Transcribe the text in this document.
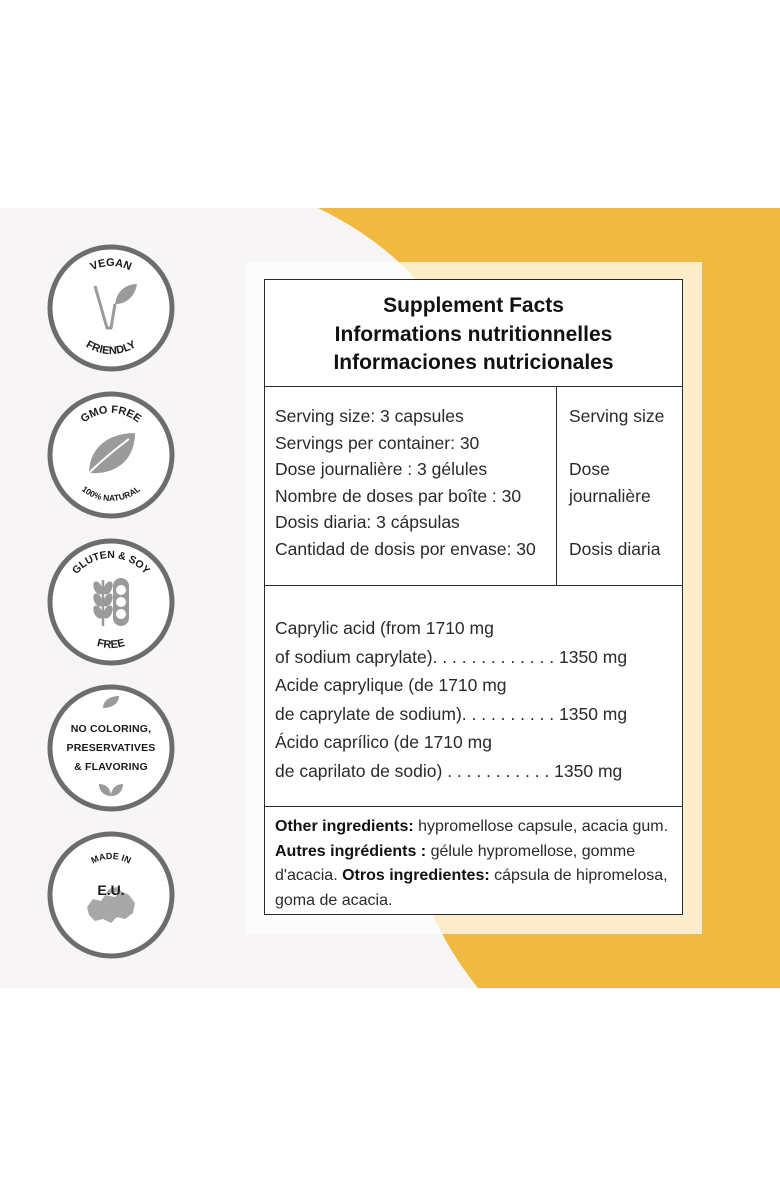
VEGAN
FRIENDLY
GMO FREE
100% NATURAL
GLUTEN & SOY
FREE
NO COLORING,
PRESERVATIVES
& FLAVORING
MADE IN
E.U.
Supplement Facts
Informations nutritionnelles
Informaciones nutricionales
Serving size: 3 capsules
Servings per container: 30
Dose journalière : 3 gélules
Nombre de doses par boîte : 30
Dosis diaria: 3 cápsulas
Cantidad de dosis por envase: 30
Serving size
Dose
journalière
Dosis diaria
Caprylic acid (from 1710 mg
of sodium caprylate). . . . . . . . . . . . . 1350 mg
Acide caprylique (de 1710 mg
de caprylate de sodium). . . . . . . . . . 1350 mg
Ácido caprílico (de 1710 mg
de caprilato de sodio) . . . . . . . . . . . 1350 mg
Other ingredients: hypromellose capsule, acacia gum. Autres ingrédients : gélule hypromellose, gomme d'acacia. Otros ingredientes: cápsula de hipromelosa, goma de acacia.
